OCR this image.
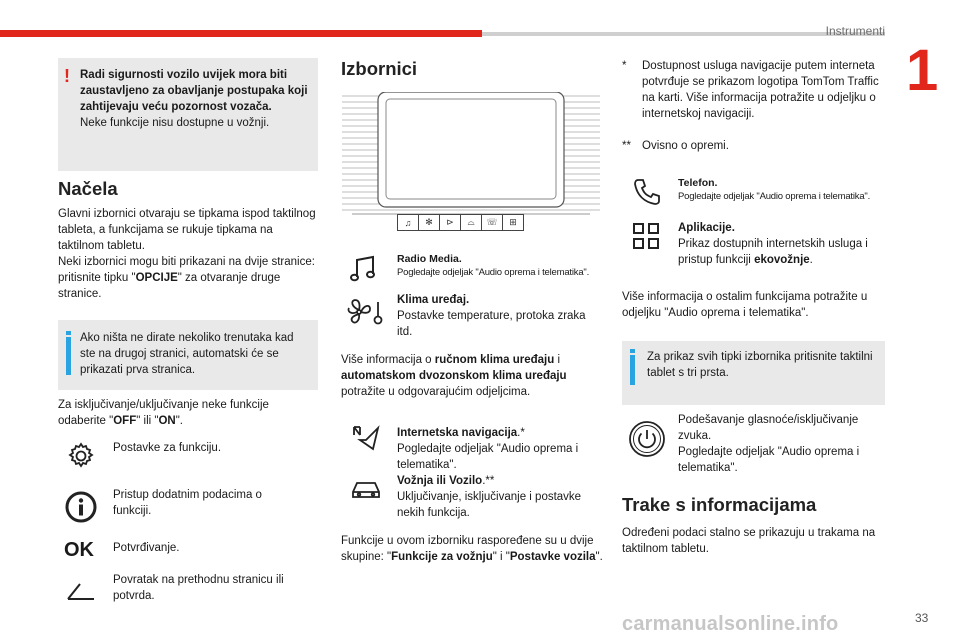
Instrumenti
1
! Radi sigurnosti vozilo uvijek mora biti zaustavljeno za obavljanje postupaka koji zahtijevaju veću pozornost vozača.
Neke funkcije nisu dostupne u vožnji.
Načela
Glavni izbornici otvaraju se tipkama ispod taktilnog tableta, a funkcijama se rukuje tipkama na taktilnom tabletu.
Neki izbornici mogu biti prikazani na dvije stranice: pritisnite tipku "OPCIJE" za otvaranje druge stranice.
Ako ništa ne dirate nekoliko trenutaka kad ste na drugoj stranici, automatski će se prikazati prva stranica.
Za isključivanje/uključivanje neke funkcije odaberite "OFF" ili "ON".
Postavke za funkciju.
Pristup dodatnim podacima o funkciji.
OK Potvrđivanje.
Povratak na prethodnu stranicu ili potvrda.
Izbornici
♫	✻	⊳	⌓	☏	⊞
Radio Media.
Pogledajte odjeljak "Audio oprema i telematika".
Klima uređaj.
Postavke temperature, protoka zraka itd.
Više informacija o ručnom klima uređaju i automatskom dvozonskom klima uređaju potražite u odgovarajućim odjeljcima.
Internetska navigacija.*
Pogledajte odjeljak "Audio oprema i telematika".
Vožnja ili Vozilo.**
Uključivanje, isključivanje i postavke nekih funkcija.
Funkcije u ovom izborniku raspoređene su u dvije skupine: "Funkcije za vožnju" i "Postavke vozila".
* Dostupnost usluga navigacije putem interneta potvrđuje se prikazom logotipa TomTom Traffic na karti. Više informacija potražite u odjeljku o internetskoj navigaciji.
** Ovisno o opremi.
Telefon.
Pogledajte odjeljak "Audio oprema i telematika".
Aplikacije.
Prikaz dostupnih internetskih usluga i pristup funkciji ekovožnje.
Više informacija o ostalim funkcijama potražite u odjeljku "Audio oprema i telematika".
Za prikaz svih tipki izbornika pritisnite taktilni tablet s tri prsta.
Podešavanje glasnoće/isključivanje zvuka.
Pogledajte odjeljak "Audio oprema i telematika".
Trake s informacijama
Određeni podaci stalno se prikazuju u trakama na taktilnom tabletu.
carmanualsonline.info	33
